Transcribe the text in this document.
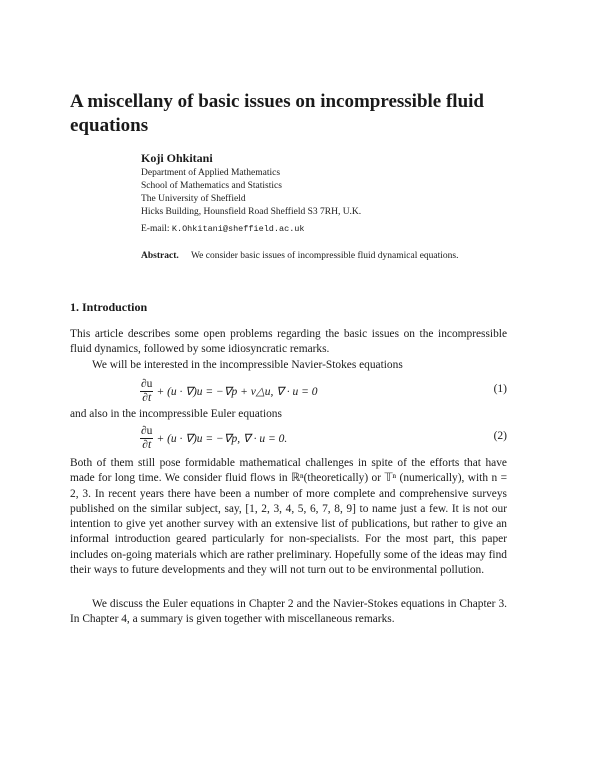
A miscellany of basic issues on incompressible fluid equations
Koji Ohkitani
Department of Applied Mathematics
School of Mathematics and Statistics
The University of Sheffield
Hicks Building, Hounsfield Road Sheffield S3 7RH, U.K.
E-mail: K.Ohkitani@sheffield.ac.uk
Abstract. We consider basic issues of incompressible fluid dynamical equations.
1. Introduction
This article describes some open problems regarding the basic issues on the incompressible fluid dynamics, followed by some idiosyncratic remarks.
We will be interested in the incompressible Navier-Stokes equations
$\frac{\partial u}{\partial t} + (u \cdot \nabla)u = -\nabla p$ + ν△u, ∇ · u = 0	(1)
and also in the incompressible Euler equations
$\frac{\partial u}{\partial t} + (u \cdot \nabla)u = -\nabla p$, ∇ · u = 0.	(2)
Both of them still pose formidable mathematical challenges in spite of the efforts that have made for long time. We consider fluid flows in ℝⁿ(theoretically) or 𝕋ⁿ (numerically), with n = 2, 3. In recent years there have been a number of more complete and comprehensive surveys published on the similar subject, say, [1, 2, 3, 4, 5, 6, 7, 8, 9] to name just a few. It is not our intention to give yet another survey with an extensive list of publications, but rather to give an informal introduction geared particularly for non-specialists. For the most part, this paper includes on-going materials which are rather preliminary. Hopefully some of the ideas may find their ways to future developments and they will not turn out to be environmental pollution.
We discuss the Euler equations in Chapter 2 and the Navier-Stokes equations in Chapter 3. In Chapter 4, a summary is given together with miscellaneous remarks.
